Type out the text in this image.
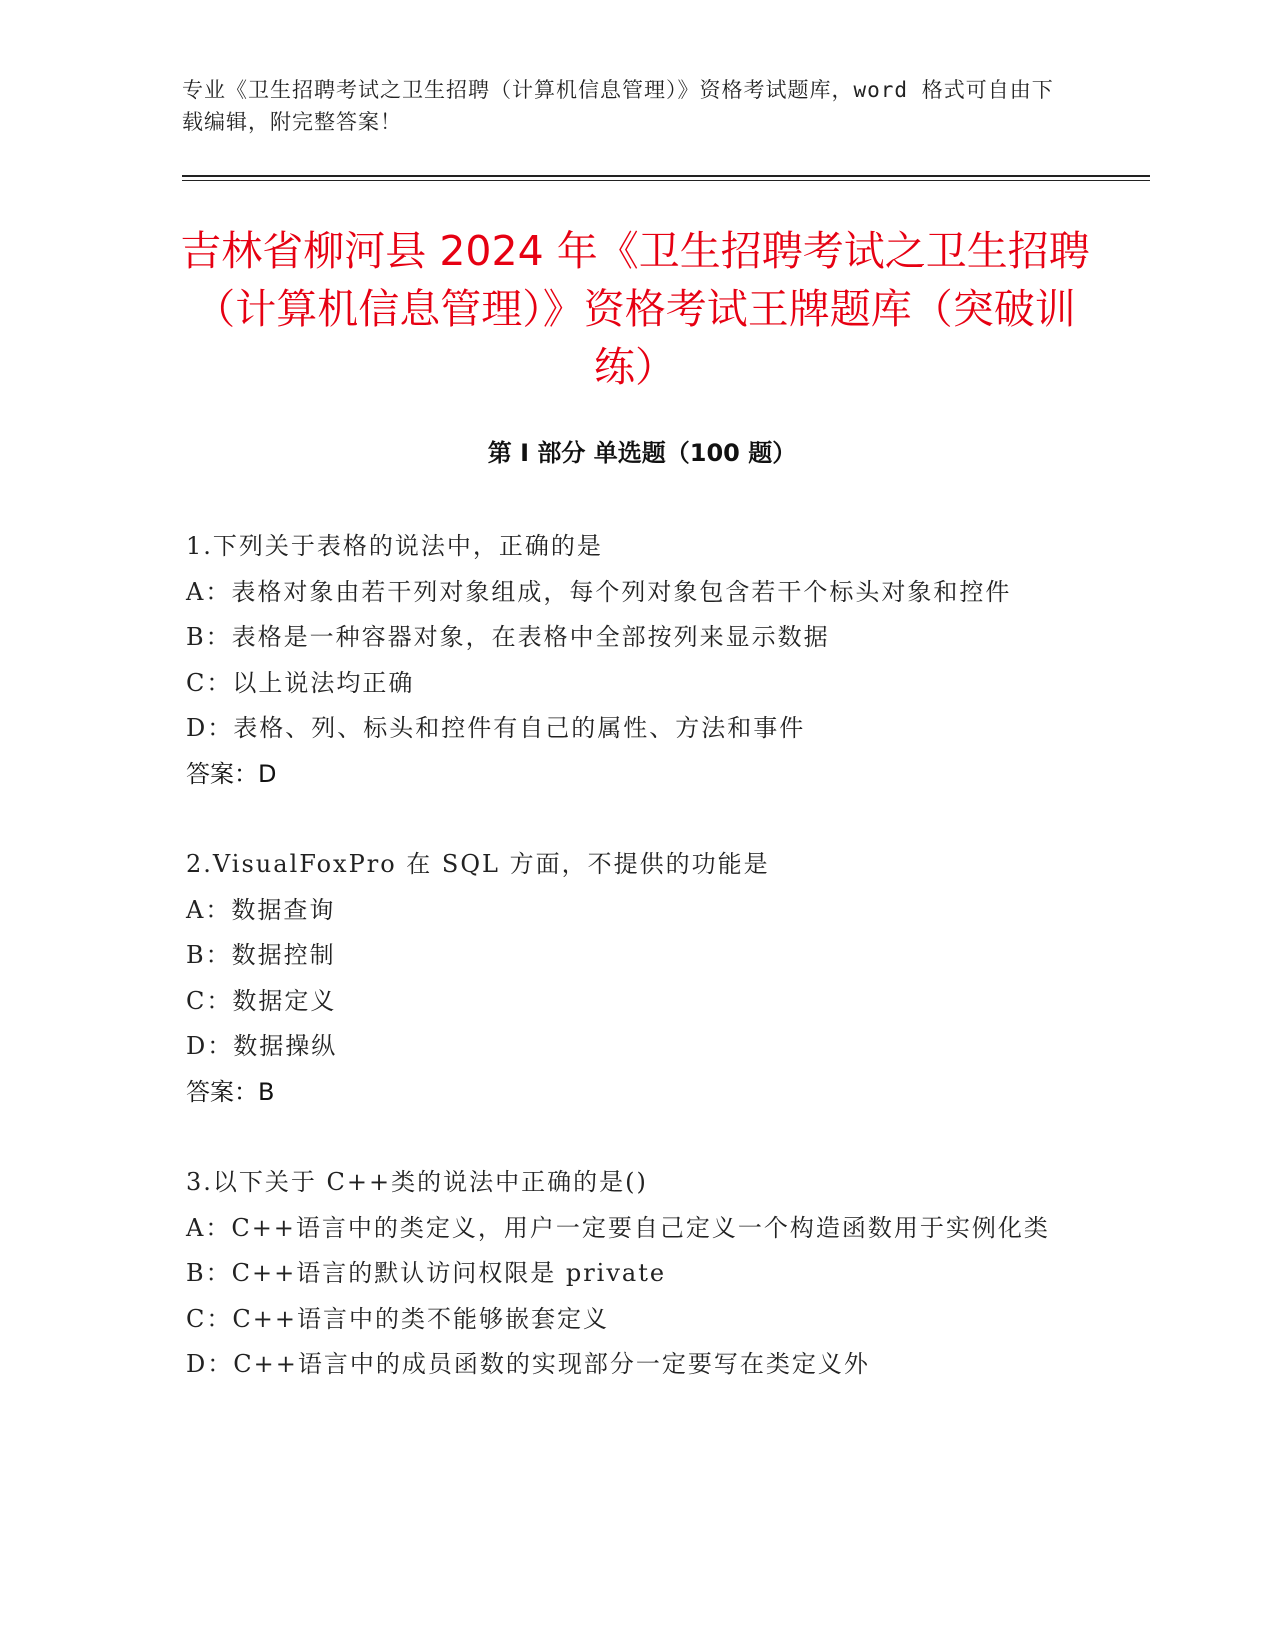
专业《卫生招聘考试之卫生招聘（计算机信息管理）》资格考试题库，word 格式可自由下载编辑，附完整答案！
吉林省柳河县 2024 年《卫生招聘考试之卫生招聘（计算机信息管理）》资格考试王牌题库（突破训练）
第 I 部分 单选题（100 题）
1.下列关于表格的说法中，正确的是
A：表格对象由若干列对象组成，每个列对象包含若干个标头对象和控件
B：表格是一种容器对象，在表格中全部按列来显示数据
C：以上说法均正确
D：表格、列、标头和控件有自己的属性、方法和事件
答案：D
2.VisualFoxPro 在 SQL 方面，不提供的功能是
A：数据查询
B：数据控制
C：数据定义
D：数据操纵
答案：B
3.以下关于 C++类的说法中正确的是()
A：C++语言中的类定义，用户一定要自己定义一个构造函数用于实例化类
B：C++语言的默认访问权限是 private
C：C++语言中的类不能够嵌套定义
D：C++语言中的成员函数的实现部分一定要写在类定义外
